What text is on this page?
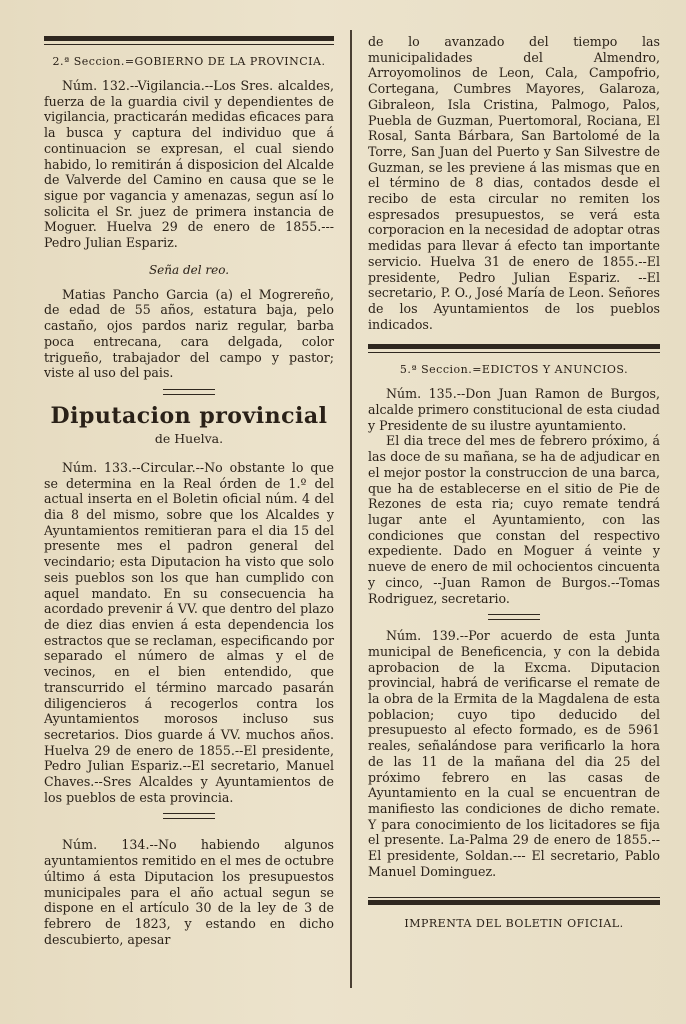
2.ª Seccion.=GOBIERNO DE LA PROVINCIA.

Núm. 132.--Vigilancia.--Los Sres. alcaldes, fuerza de la guardia civil y dependientes de vigilancia, practicarán medidas eficaces para la busca y captura del individuo que á continuacion se expresan, el cual siendo habido, lo remitirán á disposicion del Alcalde de Valverde del Camino en causa que se le sigue por vagancia y amenazas, segun así lo solicita el Sr. juez de primera instancia de Moguer. Huelva 29 de enero de 1855.--- Pedro Julian Espariz.

Seña del reo.

Matias Pancho Garcia (a) el Mogrereño, de edad de 55 años, estatura baja, pelo castaño, ojos pardos nariz regular, barba poca entrecana, cara delgada, color trigueño, trabajador del campo y pastor; viste al uso del pais.

Diputacion provincial
de Huelva.

Núm. 133.--Circular.--No obstante lo que se determina en la Real órden de 1.º del actual inserta en el Boletin oficial núm. 4 del dia 8 del mismo, sobre que los Alcaldes y Ayuntamientos remitieran para el dia 15 del presente mes el padron general del vecindario; esta Diputacion ha visto que solo seis pueblos son los que han cumplido con aquel mandato. En su consecuencia ha acordado prevenir á VV. que dentro del plazo de diez dias envien á esta dependencia los estractos que se reclaman, especificando por separado el número de almas y el de vecinos, en el bien entendido, que transcurrido el término marcado pasarán diligencieros á recogerlos contra los Ayuntamientos morosos incluso sus secretarios. Dios guarde á VV. muchos años. Huelva 29 de enero de 1855.--El presidente, Pedro Julian Espariz.--El secretario, Manuel Chaves.--Sres Alcaldes y Ayuntamientos de los pueblos de esta provincia.

Núm. 134.--No habiendo algunos ayuntamientos remitido en el mes de octubre último á esta Diputacion los presupuestos municipales para el año actual segun se dispone en el artículo 30 de la ley de 3 de febrero de 1823, y estando en dicho descubierto, apesar

de lo avanzado del tiempo las municipalidades del Almendro, Arroyomolinos de Leon, Cala, Campofrio, Cortegana, Cumbres Mayores, Galaroza, Gibraleon, Isla Cristina, Palmogo, Palos, Puebla de Guzman, Puertomoral, Rociana, El Rosal, Santa Bárbara, San Bartolomé de la Torre, San Juan del Puerto y San Silvestre de Guzman, se les previene á las mismas que en el término de 8 dias, contados desde el recibo de esta circular no remiten los espresados presupuestos, se verá esta corporacion en la necesidad de adoptar otras medidas para llevar á efecto tan importante servicio. Huelva 31 de enero de 1855.--El presidente, Pedro Julian Espariz. --El secretario, P. O., José María de Leon. Señores de los Ayuntamientos de los pueblos indicados.

5.ª Seccion.=EDICTOS Y ANUNCIOS.

Núm. 135.--Don Juan Ramon de Burgos, alcalde primero constitucional de esta ciudad y Presidente de su ilustre ayuntamiento.

El dia trece del mes de febrero próximo, á las doce de su mañana, se ha de adjudicar en el mejor postor la construccion de una barca, que ha de establecerse en el sitio de Pie de Rezones de esta ria; cuyo remate tendrá lugar ante el Ayuntamiento, con las condiciones que constan del respectivo expediente. Dado en Moguer á veinte y nueve de enero de mil ochocientos cincuenta y cinco, --Juan Ramon de Burgos.--Tomas Rodriguez, secretario.

Núm. 139.--Por acuerdo de esta Junta municipal de Beneficencia, y con la debida aprobacion de la Excma. Diputacion provincial, habrá de verificarse el remate de la obra de la Ermita de la Magdalena de esta poblacion; cuyo tipo deducido del presupuesto al efecto formado, es de 5961 reales, señalándose para verificarlo la hora de las 11 de la mañana del dia 25 del próximo febrero en las casas de Ayuntamiento en la cual se encuentran de manifiesto las condiciones de dicho remate. Y para conocimiento de los licitadores se fija el presente. La-Palma 29 de enero de 1855.--El presidente, Soldan.--- El secretario, Pablo Manuel Dominguez.

IMPRENTA DEL BOLETIN OFICIAL.
